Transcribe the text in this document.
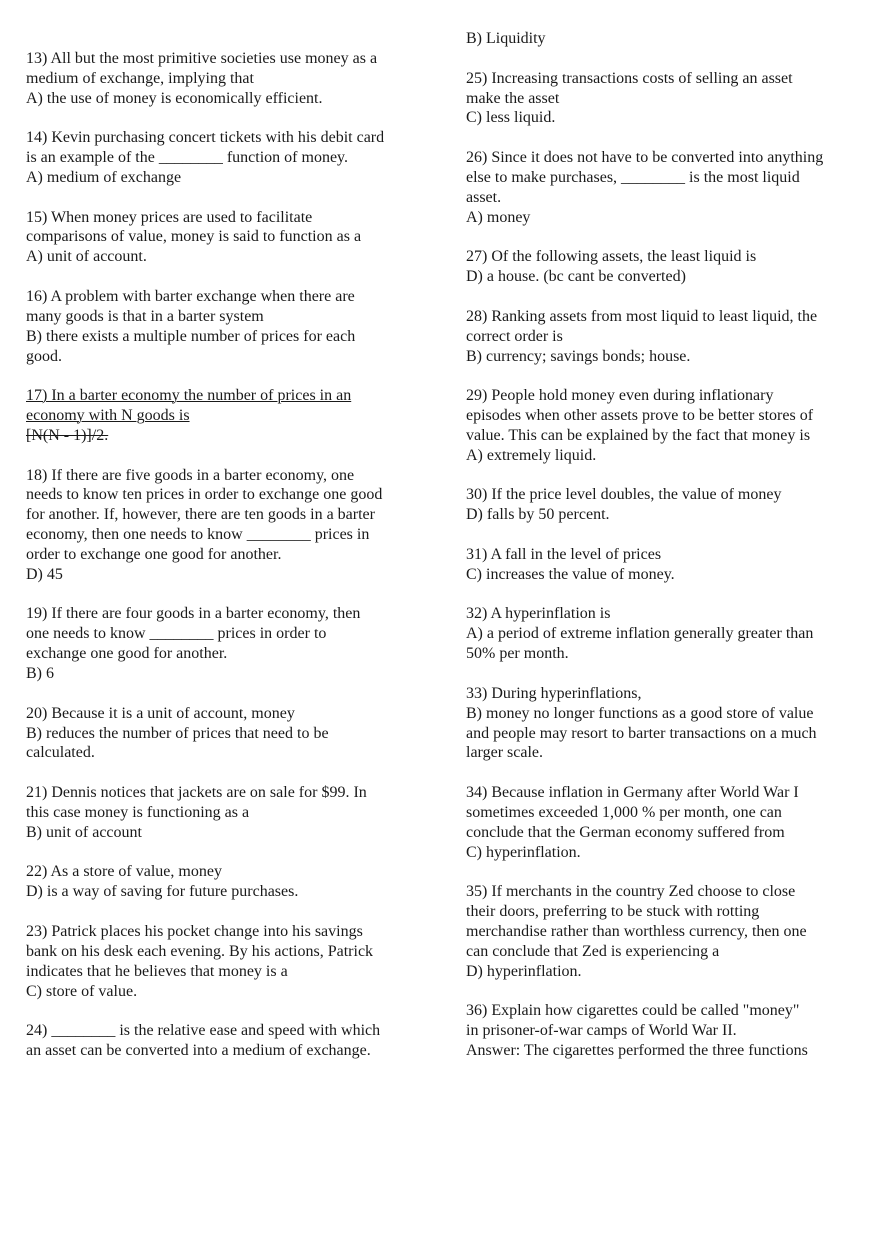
13) All but the most primitive societies use money as a
medium of exchange, implying that
A) the use of money is economically efficient.
14) Kevin purchasing concert tickets with his debit card
is an example of the ________ function of money.
A) medium of exchange
15) When money prices are used to facilitate
comparisons of value, money is said to function as a
A) unit of account.
16) A problem with barter exchange when there are
many goods is that in a barter system
B) there exists a multiple number of prices for each
good.
17) In a barter economy the number of prices in an
economy with N goods is
[N(N - 1)]/2.
18) If there are five goods in a barter economy, one
needs to know ten prices in order to exchange one good
for another. If, however, there are ten goods in a barter
economy, then one needs to know ________ prices in
order to exchange one good for another.
D) 45
19) If there are four goods in a barter economy, then
one needs to know ________ prices in order to
exchange one good for another.
B) 6
20) Because it is a unit of account, money
B) reduces the number of prices that need to be
calculated.
21) Dennis notices that jackets are on sale for $99. In
this case money is functioning as a
B) unit of account
22) As a store of value, money
D) is a way of saving for future purchases.
23) Patrick places his pocket change into his savings
bank on his desk each evening. By his actions, Patrick
indicates that he believes that money is a
C) store of value.
24) ________ is the relative ease and speed with which
an asset can be converted into a medium of exchange.
B) Liquidity
25) Increasing transactions costs of selling an asset
make the asset
C) less liquid.
26) Since it does not have to be converted into anything
else to make purchases, ________ is the most liquid
asset.
A) money
27) Of the following assets, the least liquid is
D) a house. (bc cant be converted)
28) Ranking assets from most liquid to least liquid, the
correct order is
B) currency; savings bonds; house.
29) People hold money even during inflationary
episodes when other assets prove to be better stores of
value. This can be explained by the fact that money is
A) extremely liquid.
30) If the price level doubles, the value of money
D) falls by 50 percent.
31) A fall in the level of prices
C) increases the value of money.
32) A hyperinflation is
A) a period of extreme inflation generally greater than
50% per month.
33) During hyperinflations,
B) money no longer functions as a good store of value
and people may resort to barter transactions on a much
larger scale.
34) Because inflation in Germany after World War I
sometimes exceeded 1,000 % per month, one can
conclude that the German economy suffered from
C) hyperinflation.
35) If merchants in the country Zed choose to close
their doors, preferring to be stuck with rotting
merchandise rather than worthless currency, then one
can conclude that Zed is experiencing a
D) hyperinflation.
36) Explain how cigarettes could be called "money"
in prisoner-of-war camps of World War II.
Answer: The cigarettes performed the three functions
